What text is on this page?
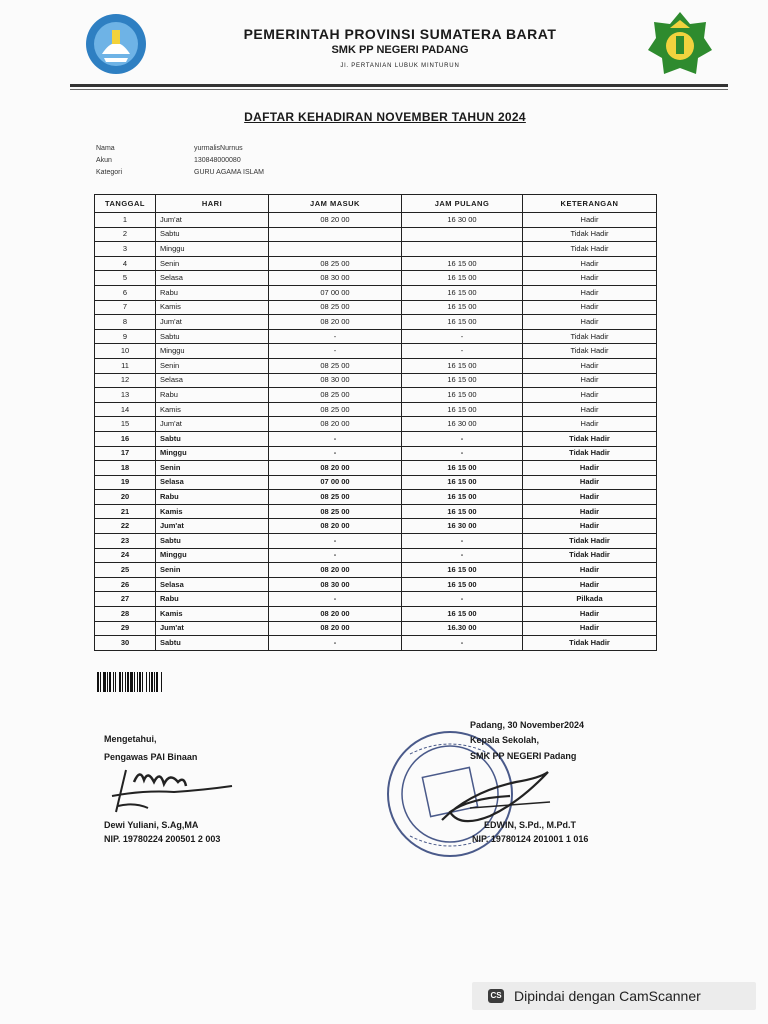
PEMERINTAH PROVINSI SUMATERA BARAT
SMK PP NEGERI PADANG
Jl. PERTANIAN LUBUK MINTURUN
DAFTAR KEHADIRAN NOVEMBER TAHUN 2024
Nama	yurmalisNurnus
Akun	130848000080
Kategori	GURU AGAMA ISLAM
TANGGAL	HARI	JAM MASUK	JAM PULANG	KETERANGAN
1	Jum'at	08 20 00	16 30 00	Hadir
2	Sabtu			Tidak Hadir
3	Minggu			Tidak Hadir
4	Senin	08 25 00	16 15 00	Hadir
5	Selasa	08 30 00	16 15 00	Hadir
6	Rabu	07 00 00	16 15 00	Hadir
7	Kamis	08 25 00	16 15 00	Hadir
8	Jum'at	08 20 00	16 15 00	Hadir
9	Sabtu	-	-	Tidak Hadir
10	Minggu	-	-	Tidak Hadir
11	Senin	08 25 00	16 15 00	Hadir
12	Selasa	08 30 00	16 15 00	Hadir
13	Rabu	08 25 00	16 15 00	Hadir
14	Kamis	08 25 00	16 15 00	Hadir
15	Jum'at	08 20 00	16 30 00	Hadir
16	Sabtu	-	-	Tidak Hadir
17	Minggu	-	-	Tidak Hadir
18	Senin	08 20 00	16 15 00	Hadir
19	Selasa	07 00 00	16 15 00	Hadir
20	Rabu	08 25 00	16 15 00	Hadir
21	Kamis	08 25 00	16 15 00	Hadir
22	Jum'at	08 20 00	16 30 00	Hadir
23	Sabtu	-	-	Tidak Hadir
24	Minggu	-	-	Tidak Hadir
25	Senin	08 20 00	16 15 00	Hadir
26	Selasa	08 30 00	16 15 00	Hadir
27	Rabu	-	-	Pilkada
28	Kamis	08 20 00	16 15 00	Hadir
29	Jum'at	08 20 00	16.30 00	Hadir
30	Sabtu	-	-	Tidak Hadir
Mengetahui,
Pengawas PAI Binaan
Dewi Yuliani, S.Ag,MA
NIP. 19780224 200501 2 003
Padang, 30 November2024
Kepala Sekolah,
SMK PP NEGERI Padang
EDWIN, S.Pd., M.Pd.T
NIP. 19780124 201001 1 016
CS Dipindai dengan CamScanner
